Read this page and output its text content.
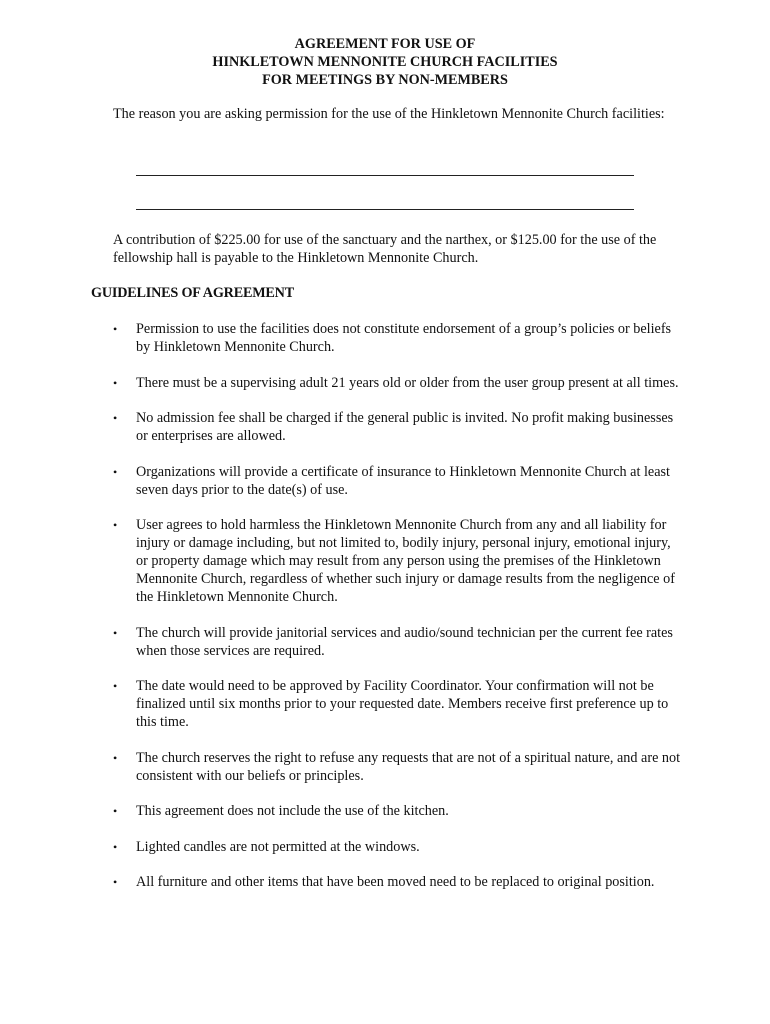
AGREEMENT FOR USE OF
HINKLETOWN MENNONITE CHURCH FACILITIES
FOR MEETINGS BY NON-MEMBERS
The reason you are asking permission for the use of the Hinkletown Mennonite Church facilities:
A contribution of $225.00 for use of the sanctuary and the narthex, or $125.00 for the use of the fellowship hall is payable to the Hinkletown Mennonite Church.
GUIDELINES OF AGREEMENT
•	Permission to use the facilities does not constitute endorsement of a group’s policies or beliefs by Hinkletown Mennonite Church.
•	There must be a supervising adult 21 years old or older from the user group present at all times.
•	No admission fee shall be charged if the general public is invited. No profit making businesses or enterprises are allowed.
•	Organizations will provide a certificate of insurance to Hinkletown Mennonite Church at least seven days prior to the date(s) of use.
•	User agrees to hold harmless the Hinkletown Mennonite Church from any and all liability for injury or damage including, but not limited to, bodily injury, personal injury, emotional injury, or property damage which may result from any person using the premises of the Hinkletown Mennonite Church, regardless of whether such injury or damage results from the negligence of the Hinkletown Mennonite Church.
•	The church will provide janitorial services and audio/sound technician per the current fee rates when those services are required.
•	The date would need to be approved by Facility Coordinator. Your confirmation will not be finalized until six months prior to your requested date. Members receive first preference up to this time.
•	The church reserves the right to refuse any requests that are not of a spiritual nature, and are not consistent with our beliefs or principles.
•	This agreement does not include the use of the kitchen.
•	Lighted candles are not permitted at the windows.
•	All furniture and other items that have been moved need to be replaced to original position.
